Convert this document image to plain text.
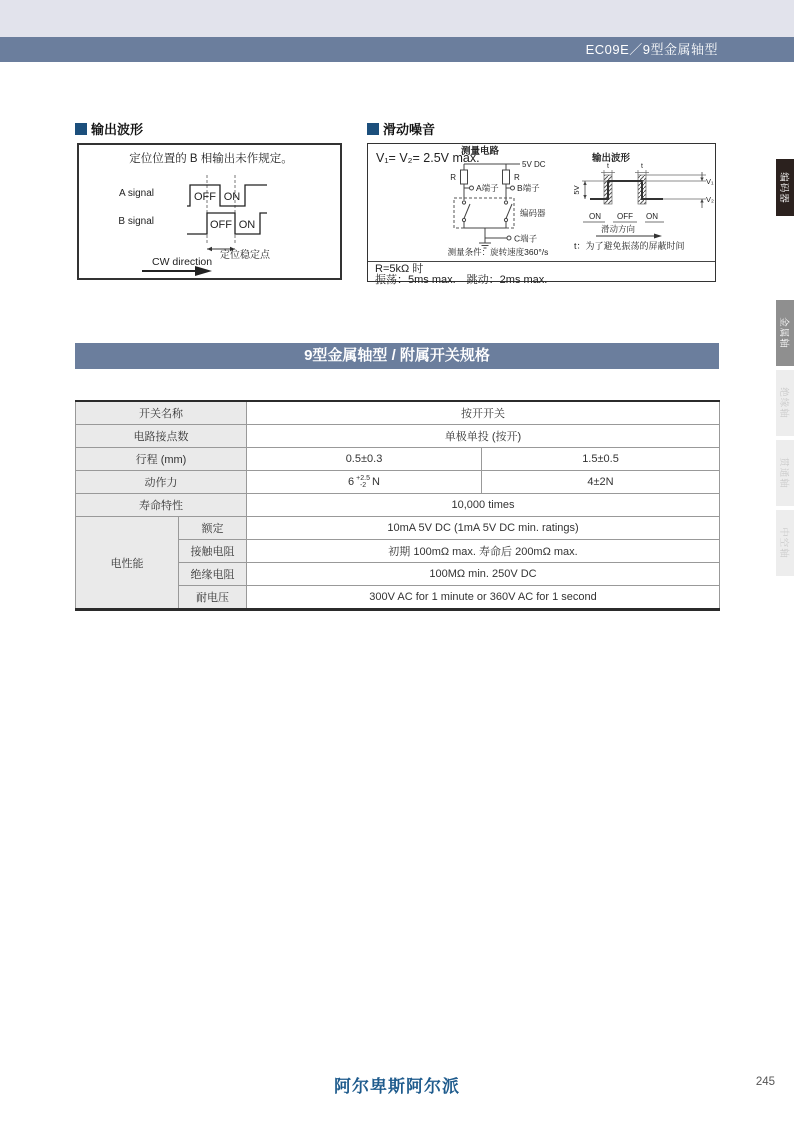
EC09E／9型金属轴型
输出波形
定位位置的 B 相输出未作规定。
A signal	OFF ON
B signal	OFF ON
定位稳定点
CW direction
滑动噪音
V₁= V₂= 2.5V max.
测量电路
5V DC
R
A端子
R
B端子
编码器
C端子
测量条件：旋转速度360°/s
输出波形
5V
t	t
V₁
V₂
ON OFF ON
滑动方向
t：为了避免振荡的屏蔽时间
R=5kΩ 时
振荡：5ms max.　跳动：2ms max.
9型金属轴型 / 附属开关规格
开关名称		按开开关	
电路接点数		单极单投 (按开)	
行程 (mm)		0.5±0.3	1.5±0.5
动作力		6 +2.5
-2 N	4±2N
寿命特性		10,000 times	
电性能	额定	10mA 5V DC (1mA 5V DC min. ratings)	
	接触电阻	初期 100mΩ max. 寿命后 200mΩ max.	
	绝缘电阻	100MΩ min. 250V DC	
	耐电压	300V AC for 1 minute or 360V AC for 1 second	
编码器
金属轴
绝缘轴
贯通轴
中空轴
阿尔卑斯阿尔派	245
